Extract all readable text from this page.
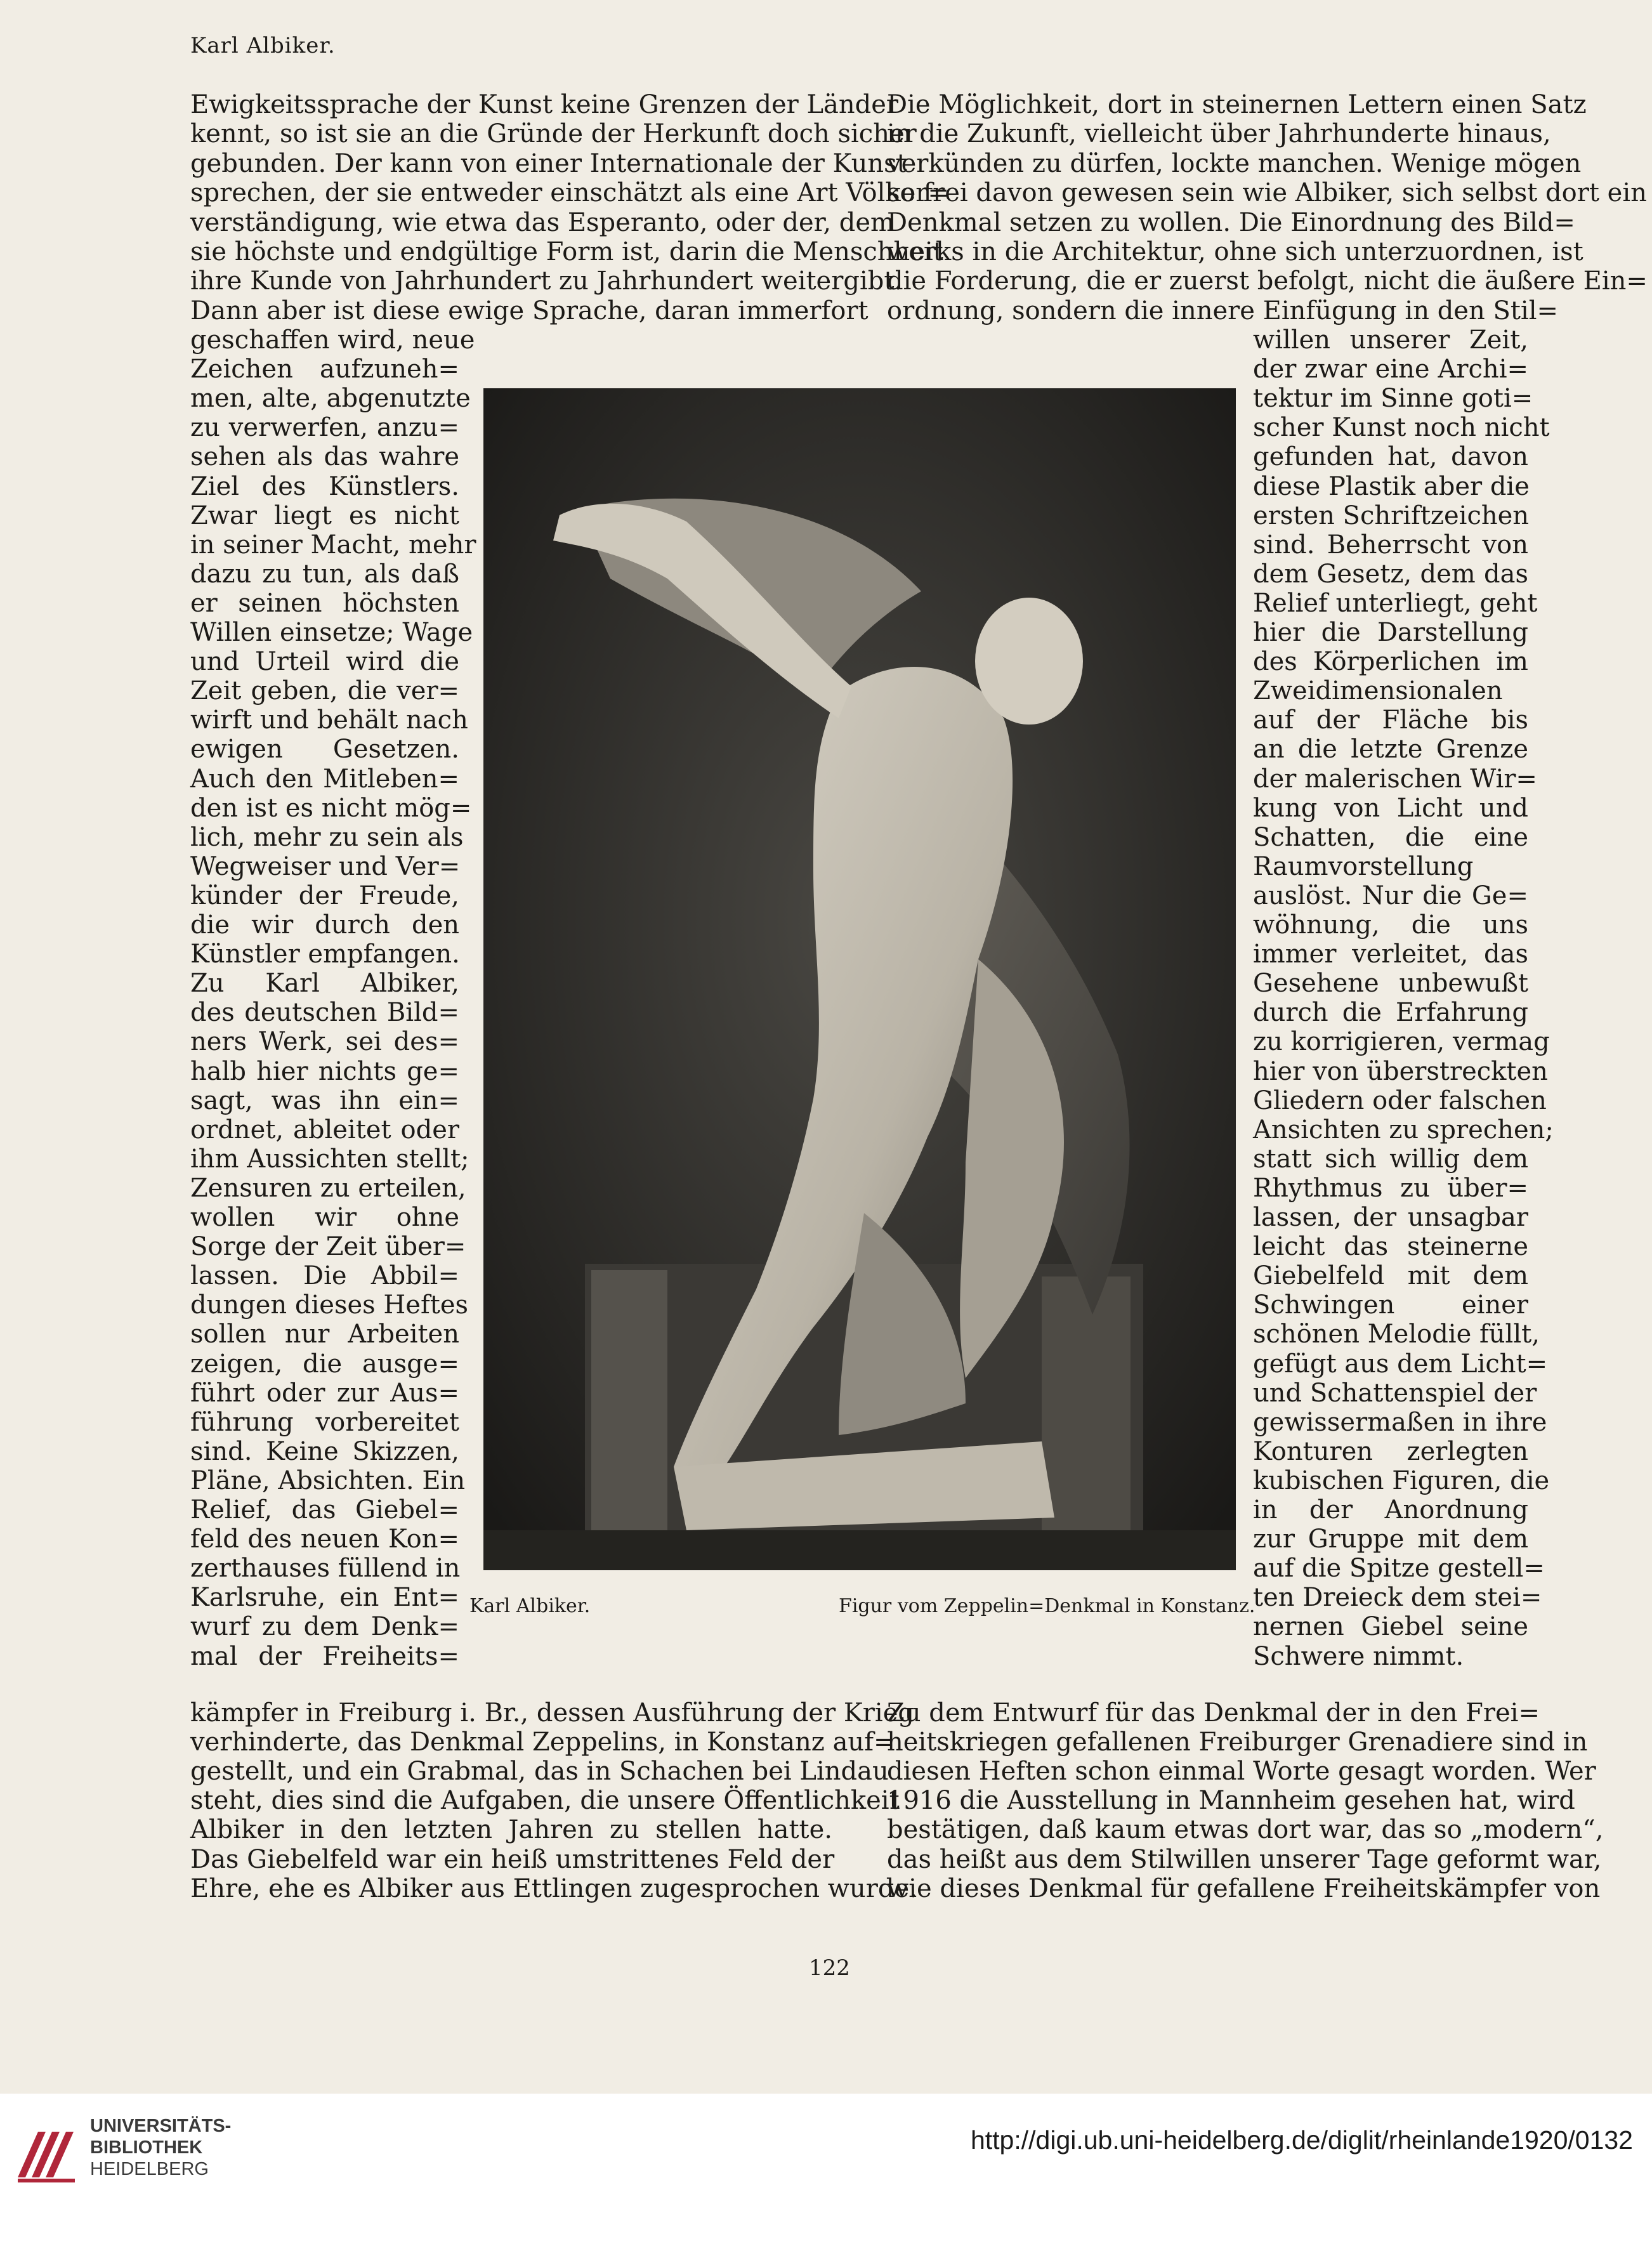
Karl Albiker.
Ewigkeitssprache der Kunst keine Grenzen der Länder
kennt, so ist sie an die Gründe der Herkunft doch sicher
gebunden. Der kann von einer Internationale der Kunst
sprechen, der sie entweder einschätzt als eine Art Völker=
verständigung, wie etwa das Esperanto, oder der, dem
sie höchste und endgültige Form ist, darin die Menschheit
ihre Kunde von Jahrhundert zu Jahrhundert weitergibt.
Dann aber ist diese ewige Sprache, daran immerfort
geschaffen wird, neue
Zeichen aufzuneh=
men, alte, abgenutzte
zu verwerfen, anzu=
sehen als das wahre
Ziel des Künstlers.
Zwar liegt es nicht
in seiner Macht, mehr
dazu zu tun, als daß
er seinen höchsten
Willen einsetze; Wage
und Urteil wird die
Zeit geben, die ver=
wirft und behält nach
ewigen Gesetzen.
Auch den Mitleben=
den ist es nicht mög=
lich, mehr zu sein als
Wegweiser und Ver=
künder der Freude,
die wir durch den
Künstler empfangen.
Zu Karl Albiker,
des deutschen Bild=
ners Werk, sei des=
halb hier nichts ge=
sagt, was ihn ein=
ordnet, ableitet oder
ihm Aussichten stellt;
Zensuren zu erteilen,
wollen wir ohne
Sorge der Zeit über=
lassen. Die Abbil=
dungen dieses Heftes
sollen nur Arbeiten
zeigen, die ausge=
führt oder zur Aus=
führung vorbereitet
sind. Keine Skizzen,
Pläne, Absichten. Ein
Relief, das Giebel=
feld des neuen Kon=
zerthauses füllend in
Karlsruhe, ein Ent=
wurf zu dem Denk=
mal der Freiheits=
kämpfer in Freiburg i. Br., dessen Ausführung der Krieg
verhinderte, das Denkmal Zeppelins, in Konstanz auf=
gestellt, und ein Grabmal, das in Schachen bei Lindau
steht, dies sind die Aufgaben, die unsere Öffentlichkeit
Albiker in den letzten Jahren zu stellen hatte.
Das Giebelfeld war ein heiß umstrittenes Feld der
Ehre, ehe es Albiker aus Ettlingen zugesprochen wurde.
Die Möglichkeit, dort in steinernen Lettern einen Satz
in die Zukunft, vielleicht über Jahrhunderte hinaus,
verkünden zu dürfen, lockte manchen. Wenige mögen
so frei davon gewesen sein wie Albiker, sich selbst dort ein
Denkmal setzen zu wollen. Die Einordnung des Bild=
werks in die Architektur, ohne sich unterzuordnen, ist
die Forderung, die er zuerst befolgt, nicht die äußere Ein=
ordnung, sondern die innere Einfügung in den Stil=
willen unserer Zeit,
der zwar eine Archi=
tektur im Sinne goti=
scher Kunst noch nicht
gefunden hat, davon
diese Plastik aber die
ersten Schriftzeichen
sind. Beherrscht von
dem Gesetz, dem das
Relief unterliegt, geht
hier die Darstellung
des Körperlichen im
Zweidimensionalen
auf der Fläche bis
an die letzte Grenze
der malerischen Wir=
kung von Licht und
Schatten, die eine
Raumvorstellung
auslöst. Nur die Ge=
wöhnung, die uns
immer verleitet, das
Gesehene unbewußt
durch die Erfahrung
zu korrigieren, vermag
hier von überstreckten
Gliedern oder falschen
Ansichten zu sprechen;
statt sich willig dem
Rhythmus zu über=
lassen, der unsagbar
leicht das steinerne
Giebelfeld mit dem
Schwingen einer
schönen Melodie füllt,
gefügt aus dem Licht=
und Schattenspiel der
gewissermaßen in ihre
Konturen zerlegten
kubischen Figuren, die
in der Anordnung
zur Gruppe mit dem
auf die Spitze gestell=
ten Dreieck dem stei=
nernen Giebel seine
Schwere nimmt.
Zu dem Entwurf für das Denkmal der in den Frei=
heitskriegen gefallenen Freiburger Grenadiere sind in
diesen Heften schon einmal Worte gesagt worden. Wer
1916 die Ausstellung in Mannheim gesehen hat, wird
bestätigen, daß kaum etwas dort war, das so „modern“,
das heißt aus dem Stilwillen unserer Tage geformt war,
wie dieses Denkmal für gefallene Freiheitskämpfer von
Karl Albiker.	Figur vom Zeppelin=Denkmal in Konstanz.
122
UNIVERSITÄTS-
BIBLIOTHEK
HEIDELBERG
http://digi.ub.uni-heidelberg.de/diglit/rheinlande1920/0132
